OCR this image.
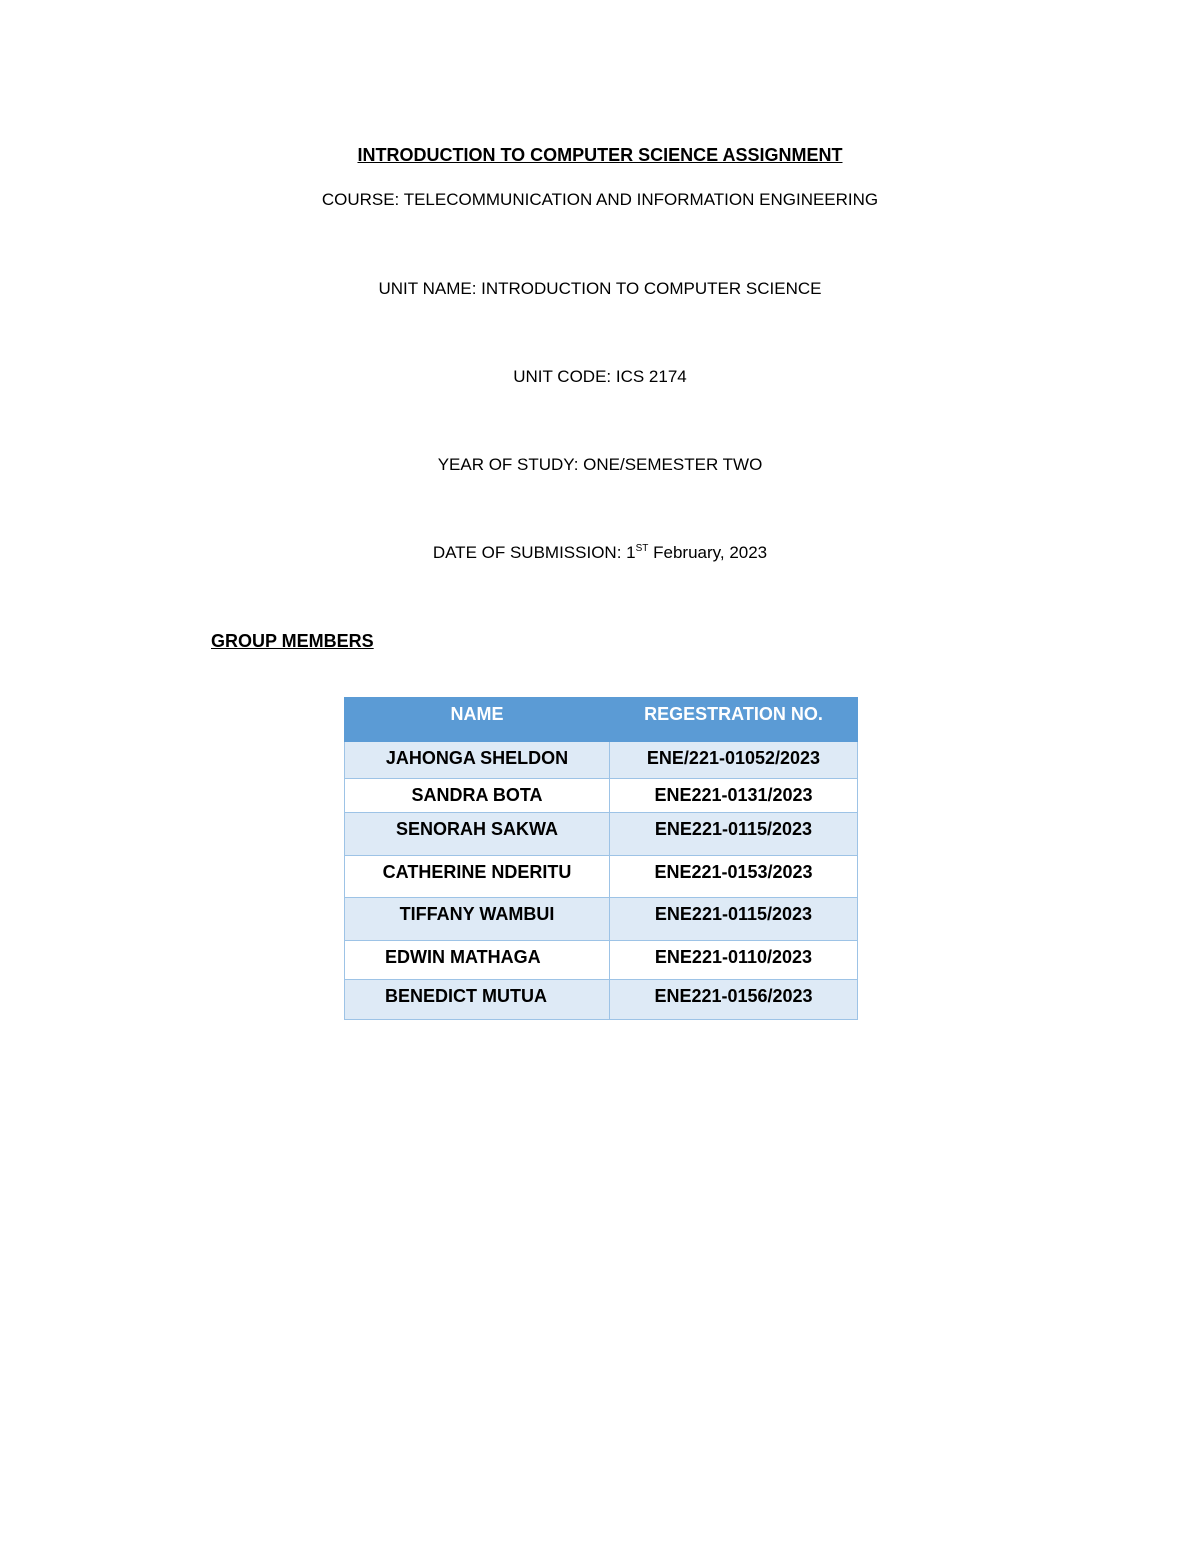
INTRODUCTION TO COMPUTER SCIENCE ASSIGNMENT
COURSE: TELECOMMUNICATION AND INFORMATION ENGINEERING
UNIT NAME: INTRODUCTION TO COMPUTER SCIENCE
UNIT CODE: ICS 2174
YEAR OF STUDY: ONE/SEMESTER TWO
DATE OF SUBMISSION: 1ST February, 2023
GROUP MEMBERS
NAME	REGESTRATION NO.
JAHONGA SHELDON	ENE/221-01052/2023
SANDRA BOTA	ENE221-0131/2023
SENORAH SAKWA	ENE221-0115/2023
CATHERINE NDERITU	ENE221-0153/2023
TIFFANY WAMBUI	ENE221-0115/2023
EDWIN MATHAGA	ENE221-0110/2023
BENEDICT MUTUA	ENE221-0156/2023
